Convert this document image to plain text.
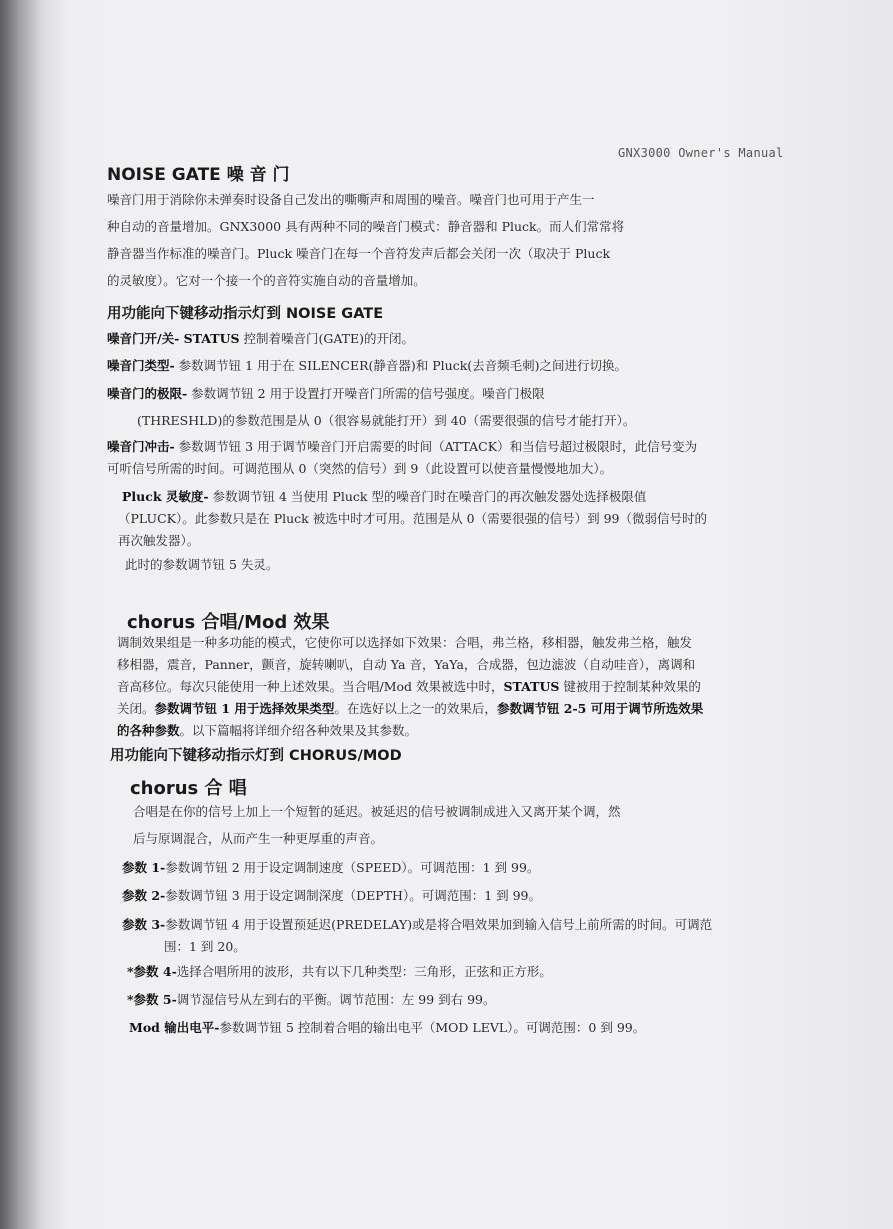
GNX3000 Owner's Manual
NOISE GATE 噪 音 门
噪音门用于消除你未弹奏时设备自己发出的嘶嘶声和周围的噪音。噪音门也可用于产生一
种自动的音量增加。GNX3000 具有两种不同的噪音门模式：静音器和 Pluck。而人们常常将
静音器当作标准的噪音门。Pluck 噪音门在每一个音符发声后都会关闭一次（取决于 Pluck
的灵敏度）。它对一个接一个的音符实施自动的音量增加。
用功能向下键移动指示灯到 NOISE GATE
噪音门开/关- STATUS 控制着噪音门(GATE)的开闭。
噪音门类型- 参数调节钮 1 用于在 SILENCER(静音器)和 Pluck(去音频毛刺)之间进行切换。
噪音门的极限- 参数调节钮 2 用于设置打开噪音门所需的信号强度。噪音门极限
(THRESHLD)的参数范围是从 0（很容易就能打开）到 40（需要很强的信号才能打开）。
噪音门冲击- 参数调节钮 3 用于调节噪音门开启需要的时间（ATTACK）和当信号超过极限时，此信号变为
可听信号所需的时间。可调范围从 0（突然的信号）到 9（此设置可以使音量慢慢地加大）。
Pluck 灵敏度- 参数调节钮 4 当使用 Pluck 型的噪音门时在噪音门的再次触发器处选择极限值
（PLUCK）。此参数只是在 Pluck 被选中时才可用。范围是从 0（需要很强的信号）到 99（微弱信号时的
再次触发器）。
此时的参数调节钮 5 失灵。
chorus 合唱/Mod 效果
调制效果组是一种多功能的模式，它使你可以选择如下效果：合唱，弗兰格，移相器，触发弗兰格，触发
移相器，震音，Panner，颤音，旋转喇叭，自动 Ya 音，YaYa，合成器，包边滤波（自动哇音），离调和
音高移位。每次只能使用一种上述效果。当合唱/Mod 效果被选中时，STATUS 键被用于控制某种效果的
关闭。参数调节钮 1 用于选择效果类型。在选好以上之一的效果后，参数调节钮 2-5 可用于调节所选效果
的各种参数。以下篇幅将详细介绍各种效果及其参数。
用功能向下键移动指示灯到 CHORUS/MOD
chorus 合 唱
合唱是在你的信号上加上一个短暂的延迟。被延迟的信号被调制成进入又离开某个调，然
后与原调混合，从而产生一种更厚重的声音。
参数 1-参数调节钮 2 用于设定调制速度（SPEED）。可调范围：1 到 99。
参数 2-参数调节钮 3 用于设定调制深度（DEPTH）。可调范围：1 到 99。
参数 3-参数调节钮 4 用于设置预延迟(PREDELAY)或是将合唱效果加到输入信号上前所需的时间。可调范
围：1 到 20。
*参数 4-选择合唱所用的波形，共有以下几种类型：三角形，正弦和正方形。
*参数 5-调节湿信号从左到右的平衡。调节范围：左 99 到右 99。
Mod 输出电平-参数调节钮 5 控制着合唱的输出电平（MOD LEVL）。可调范围：0 到 99。
